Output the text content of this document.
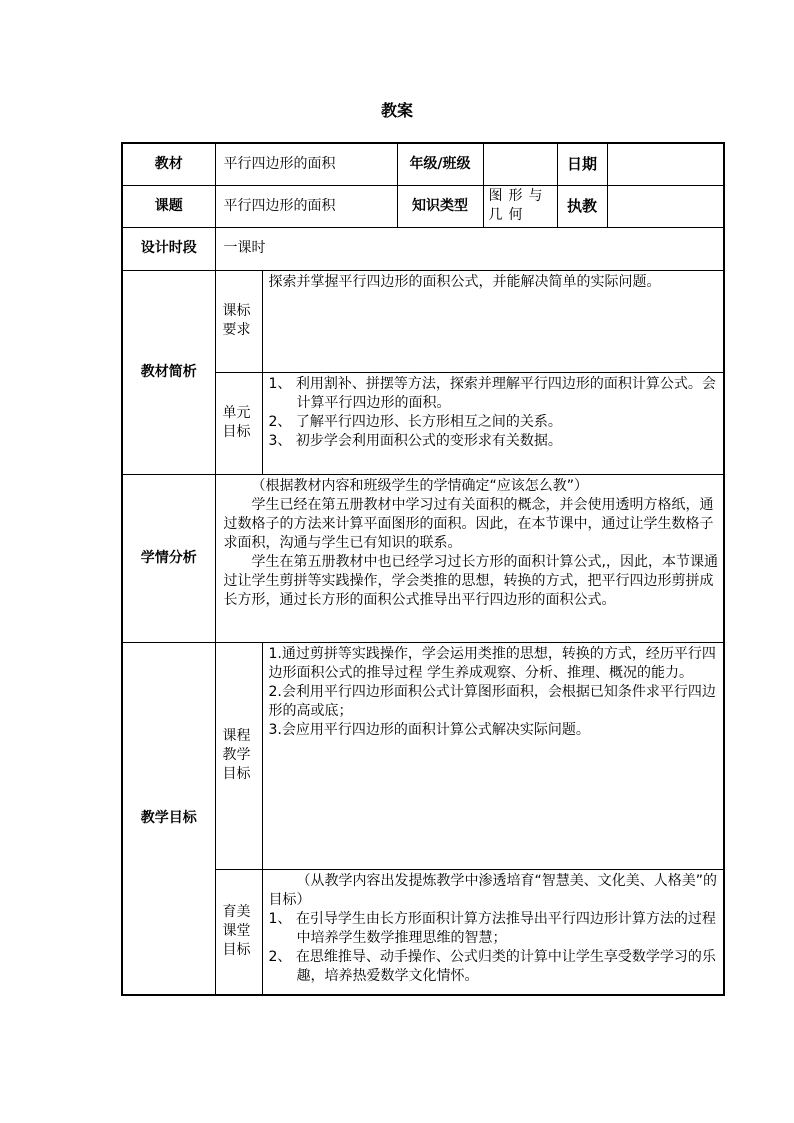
教案
教材	平行四边形的面积		年级/班级		日期	
课题	平行四边形的面积		知识类型	图形与几何	执教	
设计时段	一课时					
教材简析	课标要求	探索并掌握平行四边形的面积公式，并能解决简单的实际问题。				
	单元目标	1、 利用割补、拼摆等方法，探索并理解平行四边形的面积计算公式。会计算平行四边形的面积。

2、 了解平行四边形、长方形相互之间的关系。

3、 初步学会利用面积公式的变形求有关数据。				

学情分析	（根据教材内容和班级学生的学情确定“应该怎么教”）

学生已经在第五册教材中学习过有关面积的概念，并会使用透明方格纸，通过数格子的方法来计算平面图形的面积。因此，在本节课中，通过让学生数格子求面积，沟通与学生已有知识的联系。

学生在第五册教材中也已经学习过长方形的面积计算公式,，因此，本节课通过让学生剪拼等实践操作，学会类推的思想，转换的方式，把平行四边形剪拼成长方形，通过长方形的面积公式推导出平行四边形的面积公式。					

教学目标	课程教学目标	1.通过剪拼等实践操作，学会运用类推的思想，转换的方式，经历平行四边形面积公式的推导过程 学生养成观察、分析、推理、概况的能力。

2.会利用平行四边形面积公式计算图形面积，会根据已知条件求平行四边形的高或底；

3.会应用平行四边形的面积计算公式解决实际问题。				

	育美课堂目标	（从教学内容出发提炼教学中渗透培育“智慧美、文化美、人格美”的目标）

1、 在引导学生由长方形面积计算方法推导出平行四边形计算方法的过程中培养学生数学推理思维的智慧；

2、 在思维推导、动手操作、公式归类的计算中让学生享受数学学习的乐趣，培养热爱数学文化情怀。				
